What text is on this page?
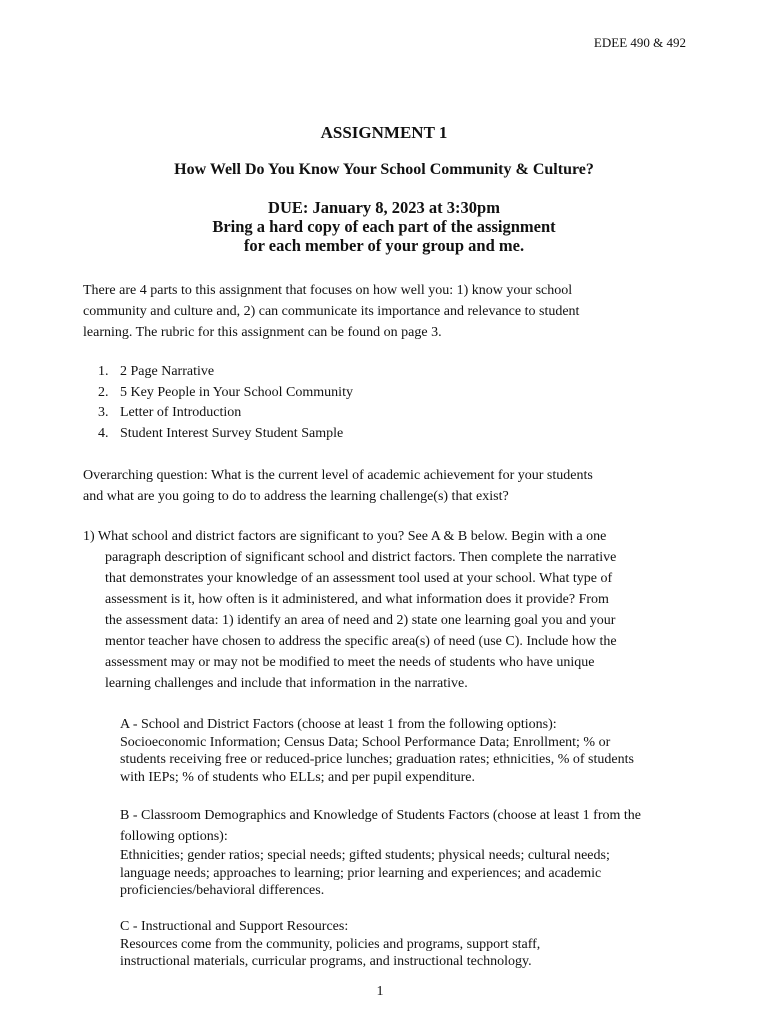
EDEE 490 & 492
ASSIGNMENT 1
How Well Do You Know Your School Community & Culture?
DUE: January 8, 2023 at 3:30pm
Bring a hard copy of each part of the assignment
for each member of your group and me.
There are 4 parts to this assignment that focuses on how well you: 1) know your school
community and culture and, 2) can communicate its importance and relevance to student
learning. The rubric for this assignment can be found on page 3.
1. 2 Page Narrative
2. 5 Key People in Your School Community
3. Letter of Introduction
4. Student Interest Survey Student Sample
Overarching question: What is the current level of academic achievement for your students
and what are you going to do to address the learning challenge(s) that exist?
1) What school and district factors are significant to you? See A & B below. Begin with a one
paragraph description of significant school and district factors. Then complete the narrative
that demonstrates your knowledge of an assessment tool used at your school. What type of
assessment is it, how often is it administered, and what information does it provide? From
the assessment data: 1) identify an area of need and 2) state one learning goal you and your
mentor teacher have chosen to address the specific area(s) of need (use C). Include how the
assessment may or may not be modified to meet the needs of students who have unique
learning challenges and include that information in the narrative.
A - School and District Factors (choose at least 1 from the following options):
Socioeconomic Information; Census Data; School Performance Data; Enrollment; % or
students receiving free or reduced-price lunches; graduation rates; ethnicities, % of students
with IEPs; % of students who ELLs; and per pupil expenditure.
B - Classroom Demographics and Knowledge of Students Factors (choose at least 1 from the
following options):
Ethnicities; gender ratios; special needs; gifted students; physical needs; cultural needs;
language needs; approaches to learning; prior learning and experiences; and academic
proficiencies/behavioral differences.
C - Instructional and Support Resources:
Resources come from the community, policies and programs, support staff,
instructional materials, curricular programs, and instructional technology.
1
